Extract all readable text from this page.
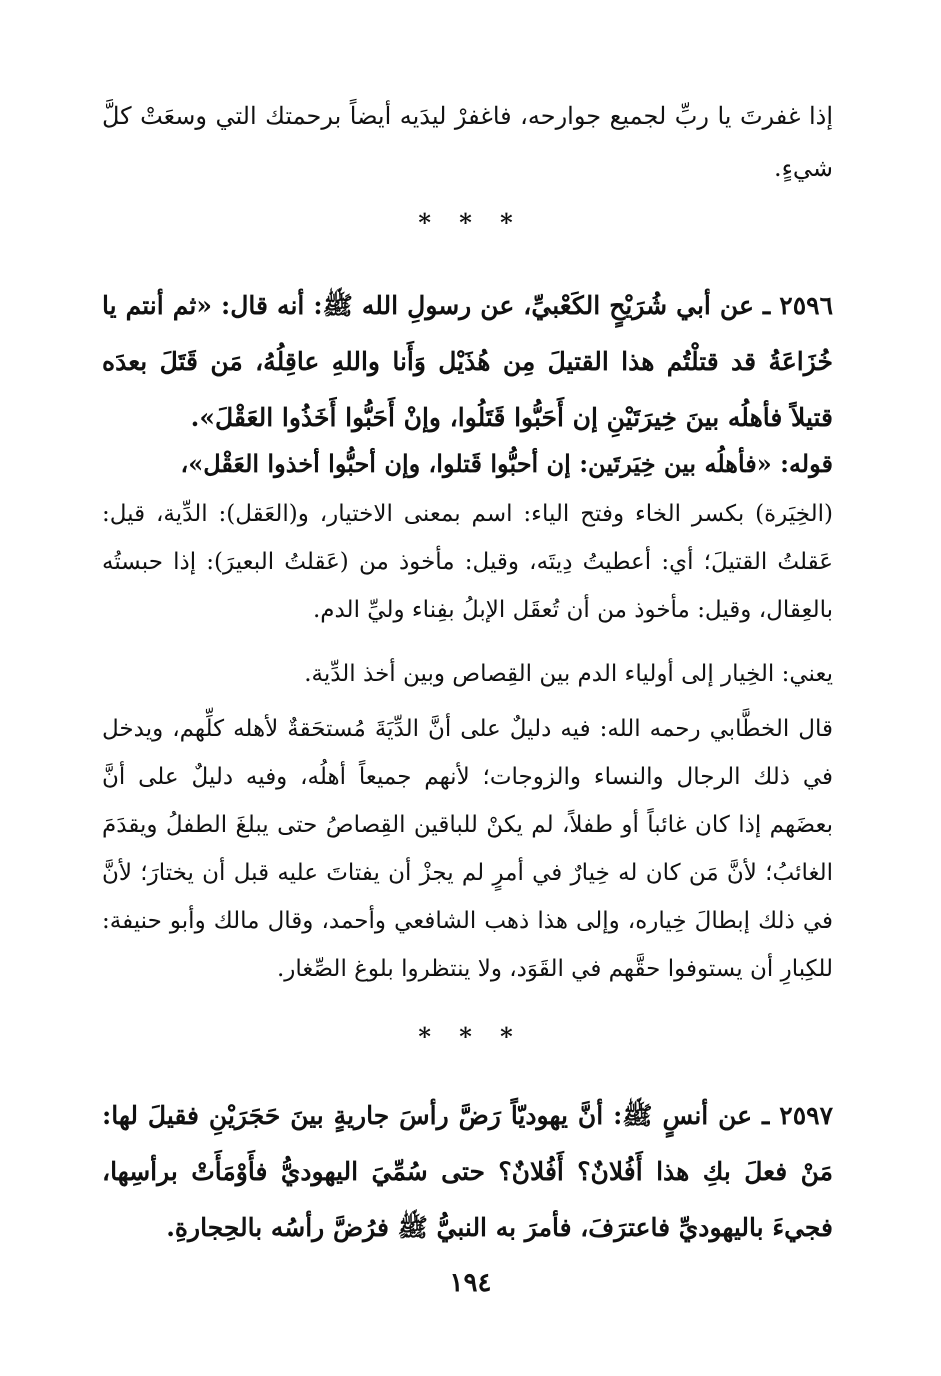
إذا غفرتَ يا ربِّ لجميع جوارحه، فاغفرْ ليدَيه أيضاً برحمتك التي وسعَتْ كلَّ شيءٍ.

* * *

٢٥٩٦ ـ عن أبي شُرَيْحٍ الكَعْبيِّ، عن رسولِ الله ﷺ: أنه قال: «ثم أنتم يا خُزَاعَةُ قد قتلْتُم هذا القتيلَ مِن هُذَيْل وَأَنا واللهِ عاقِلُهُ، مَن قَتَلَ بعدَه قتيلاً فأهلُه بينَ خِيرَتَيْنِ إن أَحَبُّوا قَتَلُوا، وإنْ أَحَبُّوا أَخَذُوا العَقْلَ».

قوله: «فأهلُه بين خِيَرتَين: إن أحبُّوا قَتلوا، وإن أحبُّوا أخذوا العَقْل»،

(الخِيَرة) بكسر الخاء وفتح الياء: اسم بمعنى الاختيار، و(العَقل): الدِّية، قيل: عَقلتُ القتيلَ؛ أي: أعطيتُ دِيتَه، وقيل: مأخوذ من (عَقلتُ البعيرَ): إذا حبستُه بالعِقال، وقيل: مأخوذ من أن تُعقَل الإبلُ بفِناء وليِّ الدم.

يعني: الخِيار إلى أولياء الدم بين القِصاص وبين أخذ الدِّية.

قال الخطَّابي رحمه الله: فيه دليلٌ على أنَّ الدِّيَةَ مُستحَقةٌ لأهله كلِّهم، ويدخل في ذلك الرجال والنساء والزوجات؛ لأنهم جميعاً أهلُه، وفيه دليلٌ على أنَّ بعضَهم إذا كان غائباً أو طفلاً، لم يكنْ للباقين القِصاصُ حتى يبلغَ الطفلُ ويقدَمَ الغائبُ؛ لأنَّ مَن كان له خِيارٌ في أمرٍ لم يجزْ أن يفتاتَ عليه قبل أن يختارَ؛ لأنَّ في ذلك إبطالَ خِياره، وإلى هذا ذهب الشافعي وأحمد، وقال مالك وأبو حنيفة: للكِبارِ أن يستوفوا حقَّهم في القَوَد، ولا ينتظروا بلوغ الصِّغار.

* * *

٢٥٩٧ ـ عن أنسٍ ﷺ: أنَّ يهوديّاً رَضَّ رأسَ جاريةٍ بينَ حَجَرَيْنِ فقيلَ لها: مَنْ فعلَ بكِ هذا أَفُلانٌ؟ أَفُلانٌ؟ حتى سُمِّيَ اليهوديُّ فأَوْمَأَتْ برأسِها، فجيءَ باليهوديِّ فاعترَفَ، فأمرَ به النبيُّ ﷺ فرُضَّ رأسُه بالحِجارةِ.

١٩٤
